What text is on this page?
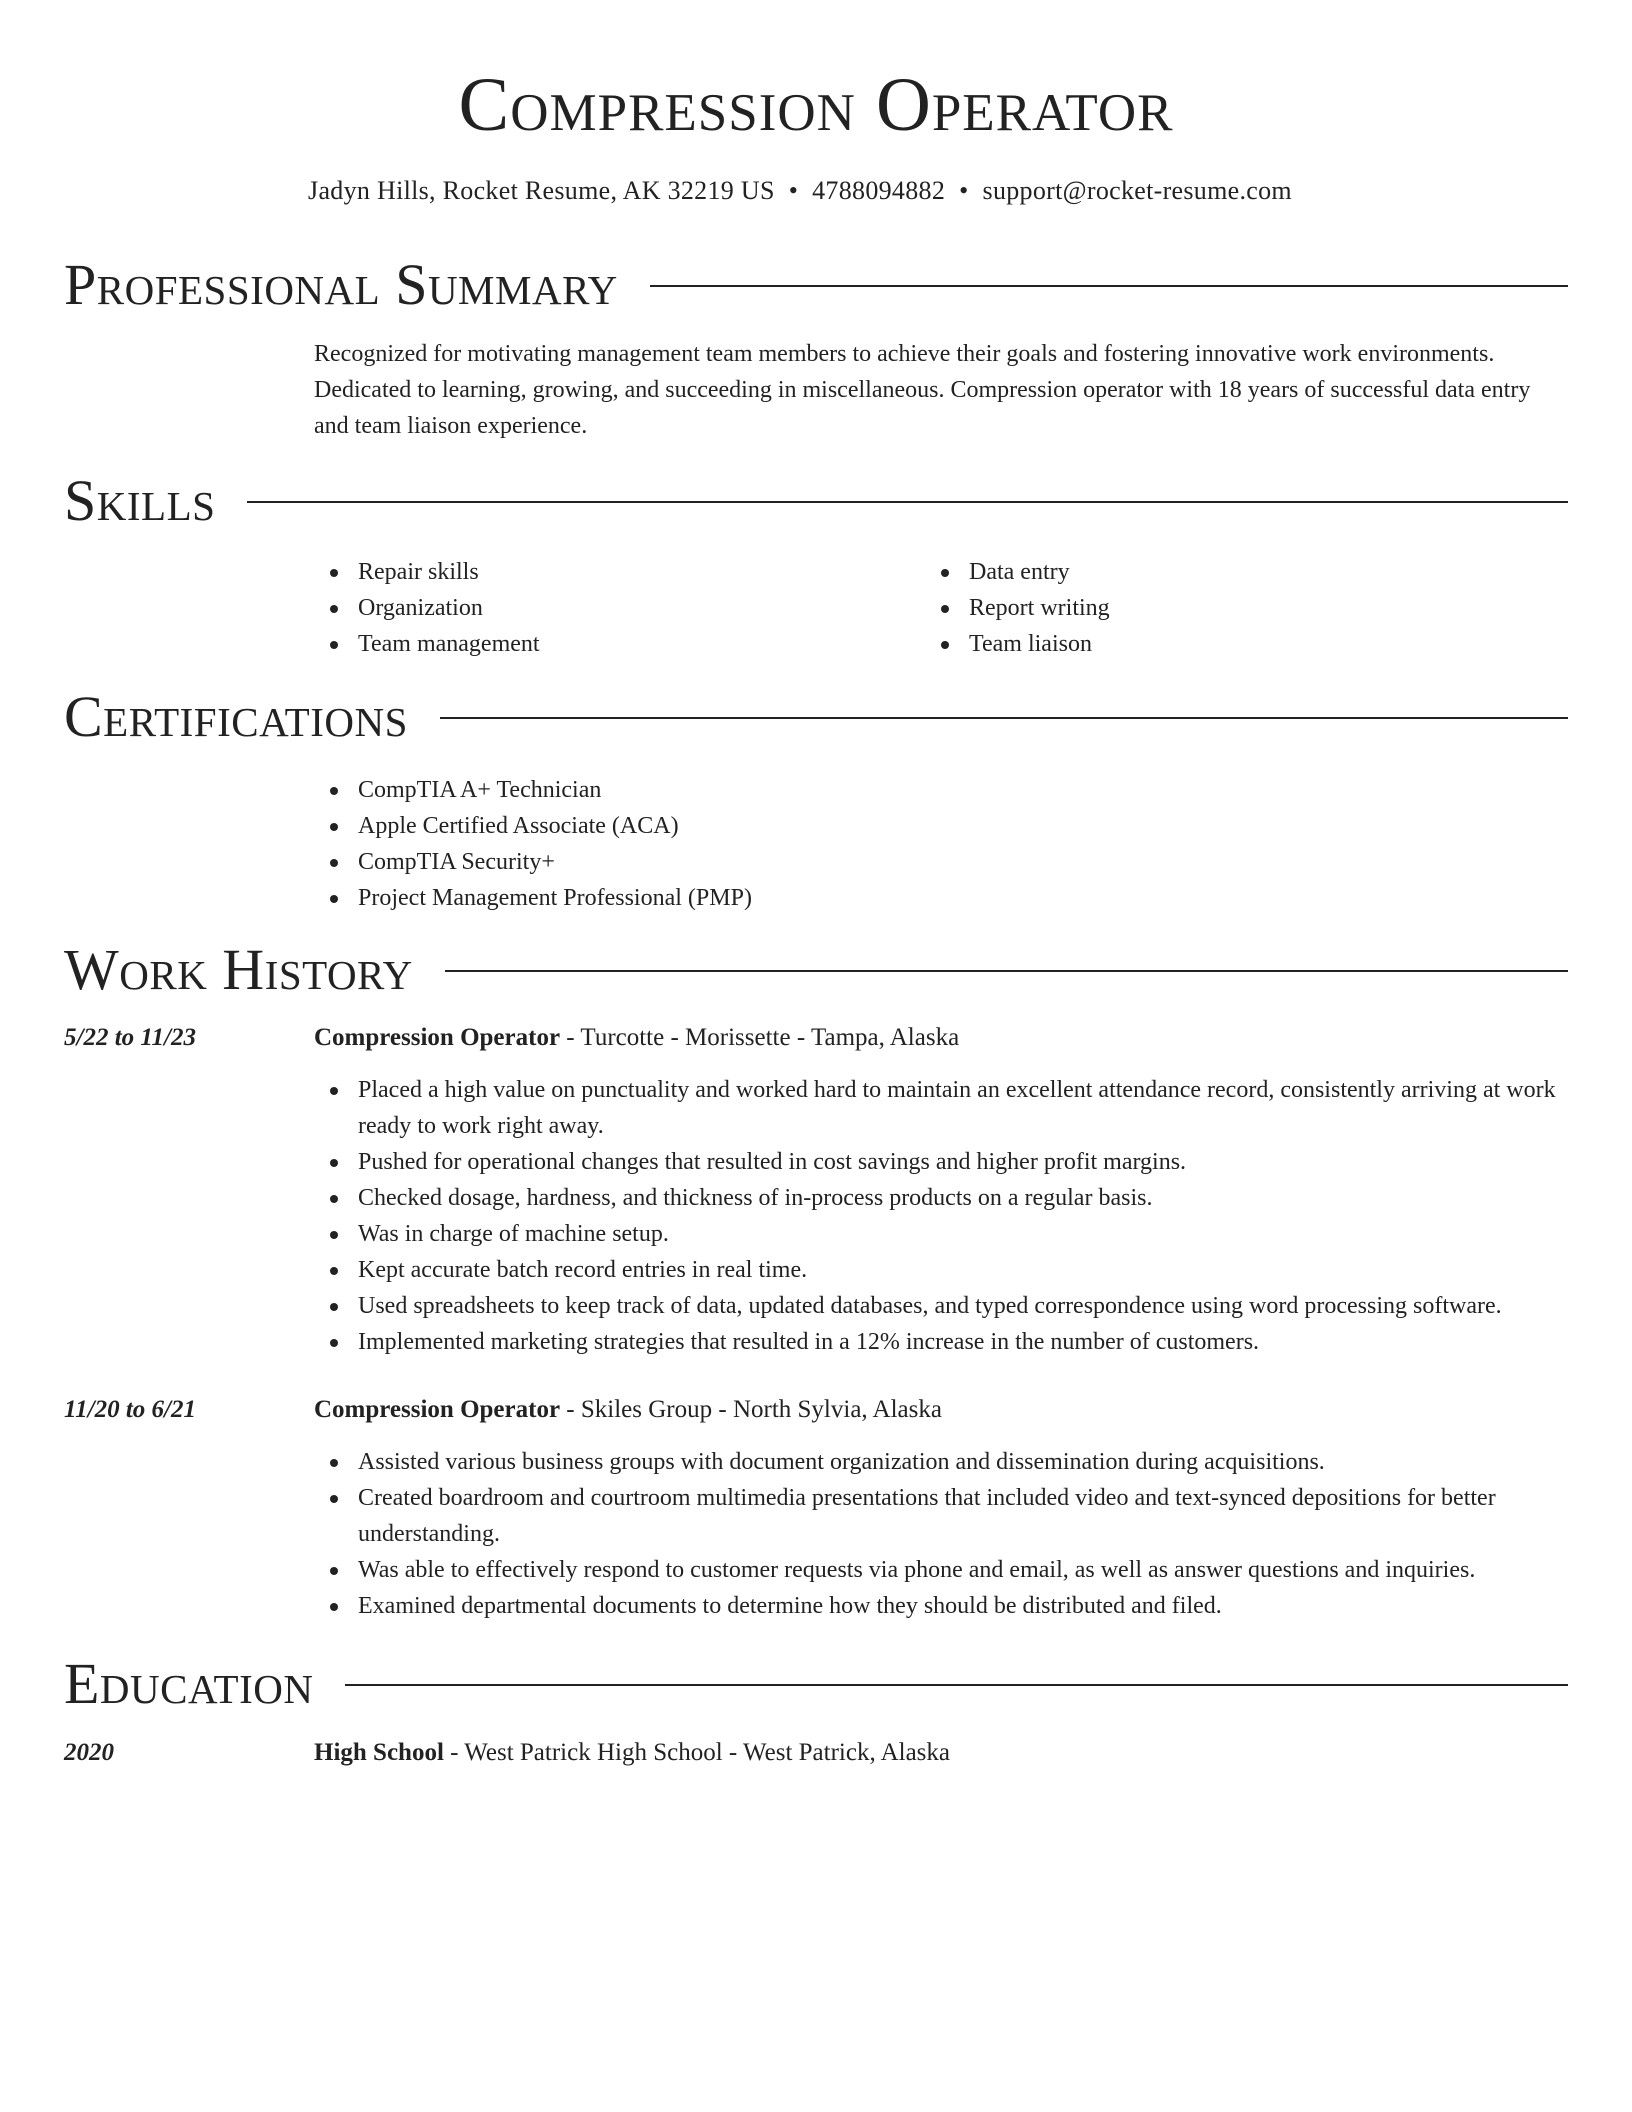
Compression Operator
Jadyn Hills, Rocket Resume, AK 32219 US • 4788094882 • support@rocket-resume.com
Professional Summary

Recognized for motivating management team members to achieve their goals and fostering innovative work environments. Dedicated to learning, growing, and succeeding in miscellaneous. Compression operator with 18 years of successful data entry and team liaison experience.

Skills
Repair skills
Organization
Team management
Data entry
Report writing
Team liaison
Certifications
CompTIA A+ Technician
Apple Certified Associate (ACA)
CompTIA Security+
Project Management Professional (PMP)
Work History
5/22 to 11/23	Compression Operator - Turcotte - Morissette - Tampa, Alaska
Placed a high value on punctuality and worked hard to maintain an excellent attendance record, consistently arriving at work ready to work right away.
Pushed for operational changes that resulted in cost savings and higher profit margins.
Checked dosage, hardness, and thickness of in-process products on a regular basis.
Was in charge of machine setup.
Kept accurate batch record entries in real time.
Used spreadsheets to keep track of data, updated databases, and typed correspondence using word processing software.
Implemented marketing strategies that resulted in a 12% increase in the number of customers.
11/20 to 6/21	Compression Operator - Skiles Group - North Sylvia, Alaska
Assisted various business groups with document organization and dissemination during acquisitions.
Created boardroom and courtroom multimedia presentations that included video and text-synced depositions for better understanding.
Was able to effectively respond to customer requests via phone and email, as well as answer questions and inquiries.
Examined departmental documents to determine how they should be distributed and filed.
Education
2020	High School - West Patrick High School - West Patrick, Alaska
